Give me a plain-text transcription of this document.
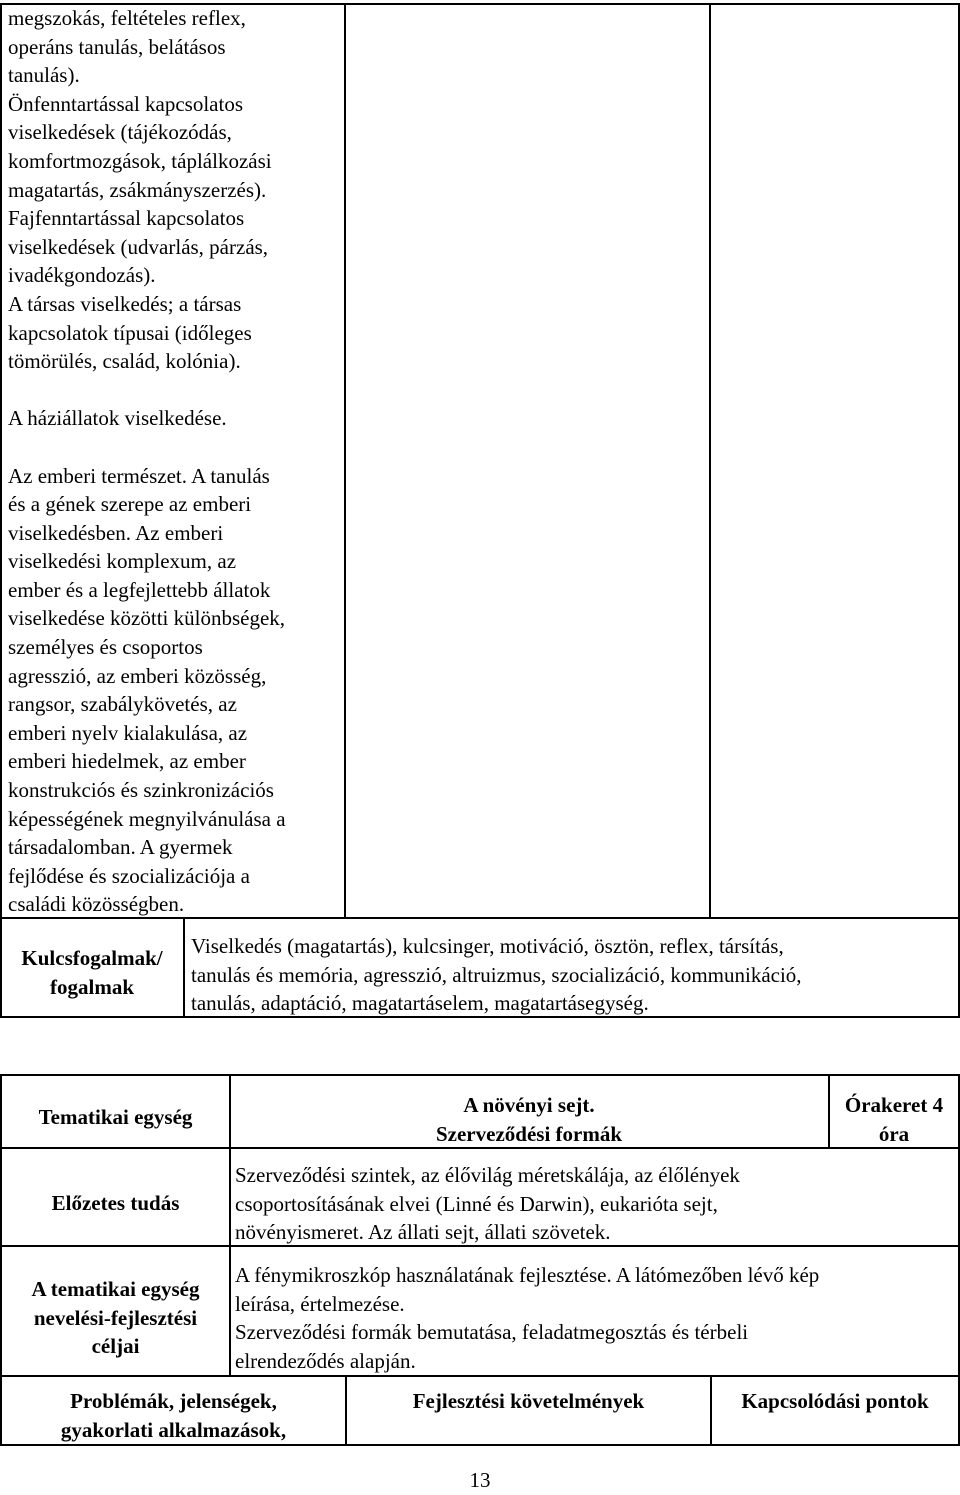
megszokás, feltételes reflex,
operáns tanulás, belátásos
tanulás).
Önfenntartással kapcsolatos
viselkedések (tájékozódás,
komfortmozgások, táplálkozási
magatartás, zsákmányszerzés).
Fajfenntartással kapcsolatos
viselkedések (udvarlás, párzás,
ivadékgondozás).
A társas viselkedés; a társas
kapcsolatok típusai (időleges
tömörülés, család, kolónia).

A háziállatok viselkedése.

Az emberi természet. A tanulás
és a gének szerepe az emberi
viselkedésben. Az emberi
viselkedési komplexum, az
ember és a legfejlettebb állatok
viselkedése közötti különbségek,
személyes és csoportos
agresszió, az emberi közösség,
rangsor, szabálykövetés, az
emberi nyelv kialakulása, az
emberi hiedelmek, az ember
konstrukciós és szinkronizációs
képességének megnyilvánulása a
társadalomban. A gyermek
fejlődése és szocializációja a
családi közösségben.
Kulcsfogalmak/
fogalmak
Viselkedés (magatartás), kulcsinger, motiváció, ösztön, reflex, társítás,
tanulás és memória, agresszió, altruizmus, szocializáció, kommunikáció,
tanulás, adaptáció, magatartáselem, magatartásegység.
Tematikai egység	A növényi sejt.
Szerveződési formák
Órakeret 4
óra
Előzetes tudás
Szerveződési szintek, az élővilág méretskálája, az élőlények
csoportosításának elvei (Linné és Darwin), eukarióta sejt,
növényismeret. Az állati sejt, állati szövetek.
A tematikai egység
nevelési-fejlesztési
céljai
A fénymikroszkóp használatának fejlesztése. A látómezőben lévő kép
leírása, értelmezése.
Szerveződési formák bemutatása, feladatmegosztás és térbeli
elrendeződés alapján.
Problémák, jelenségek,
gyakorlati alkalmazások,
Fejlesztési követelmények	Kapcsolódási pontok
13
